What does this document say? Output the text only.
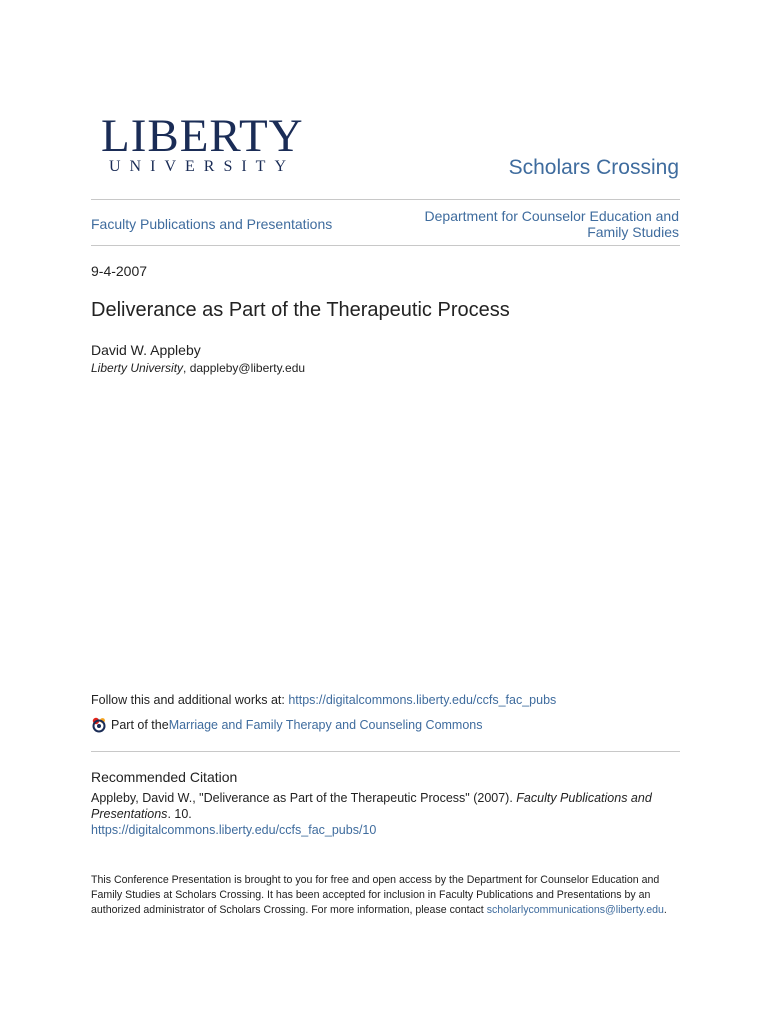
LIBERTY
UNIVERSITY	Scholars Crossing
Faculty Publications and Presentations	Department for Counselor Education and
Family Studies
9-4-2007
Deliverance as Part of the Therapeutic Process
David W. Appleby
Liberty University, dappleby@liberty.edu
Follow this and additional works at: https://digitalcommons.liberty.edu/ccfs_fac_pubs
Part of the Marriage and Family Therapy and Counseling Commons
Recommended Citation
Appleby, David W., "Deliverance as Part of the Therapeutic Process" (2007). Faculty Publications and Presentations. 10.
https://digitalcommons.liberty.edu/ccfs_fac_pubs/10
This Conference Presentation is brought to you for free and open access by the Department for Counselor Education and Family Studies at Scholars Crossing. It has been accepted for inclusion in Faculty Publications and Presentations by an authorized administrator of Scholars Crossing. For more information, please contact scholarlycommunications@liberty.edu.
